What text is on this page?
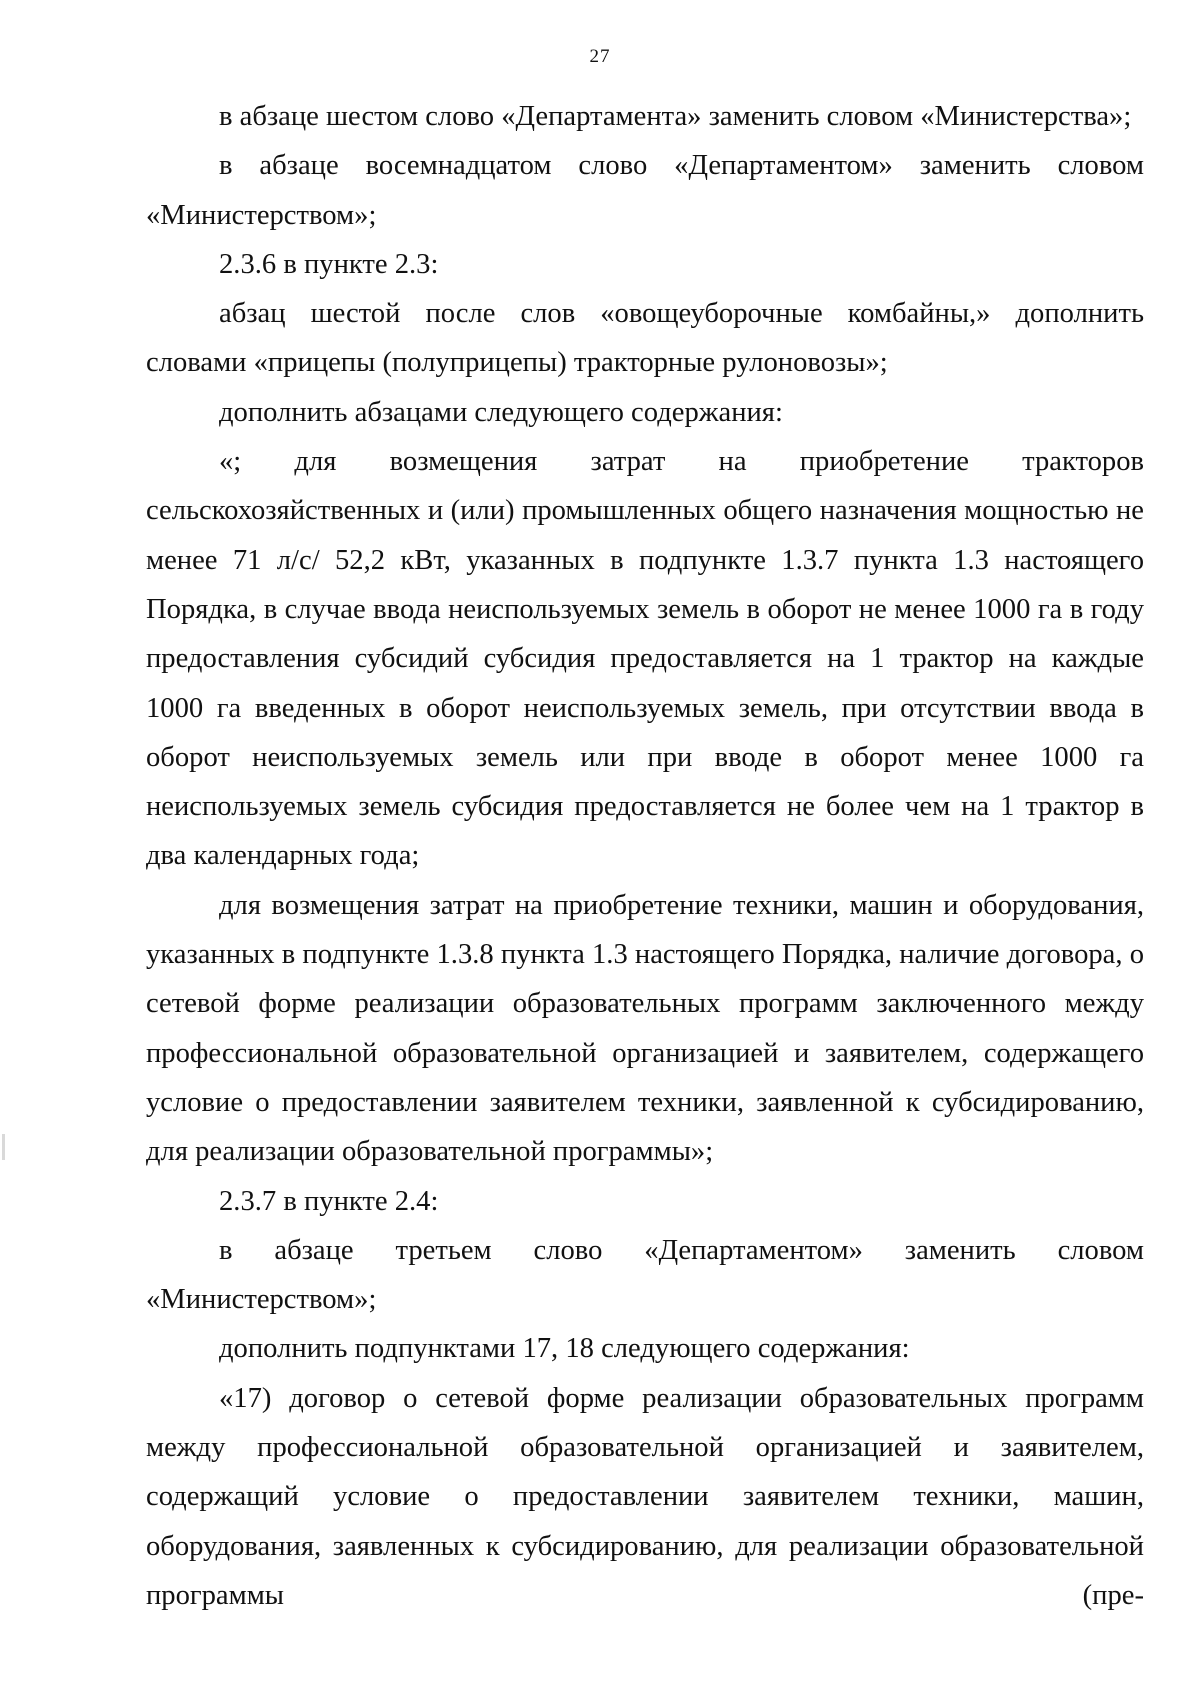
27

в абзаце шестом слово «Департамента» заменить словом «Министерства»;

в абзаце восемнадцатом слово «Департаментом» заменить словом «Министерством»;

2.3.6 в пункте 2.3:

абзац шестой после слов «овощеуборочные комбайны,» дополнить словами «прицепы (полуприцепы) тракторные рулоновозы»;

дополнить абзацами следующего содержания:

«; для возмещения затрат на приобретение тракторов сельскохозяйственных и (или) промышленных общего назначения мощностью не менее 71 л/с/ 52,2 кВт, указанных в подпункте 1.3.7 пункта 1.3 настоящего Порядка, в случае ввода неиспользуемых земель в оборот не менее 1000 га в году предоставления субсидий субсидия предоставляется на 1 трактор на каждые 1000 га введенных в оборот неиспользуемых земель, при отсутствии ввода в оборот неиспользуемых земель или при вводе в оборот менее 1000 га неиспользуемых земель субсидия предоставляется не более чем на 1 трактор в два календарных года;

для возмещения затрат на приобретение техники, машин и оборудования, указанных в подпункте 1.3.8 пункта 1.3 настоящего Порядка, наличие договора, о сетевой форме реализации образовательных программ заключенного между профессиональной образовательной организацией и заявителем, содержащего условие о предоставлении заявителем техники, заявленной к субсидированию, для реализации образовательной программы»;

2.3.7 в пункте 2.4:

в абзаце третьем слово «Департаментом» заменить словом «Министерством»;

дополнить подпунктами 17, 18 следующего содержания:

«17) договор о сетевой форме реализации образовательных программ между профессиональной образовательной организацией и заявителем, содержащий условие о предоставлении заявителем техники, машин, оборудования, заявленных к субсидированию, для реализации образовательной программы (пре-
